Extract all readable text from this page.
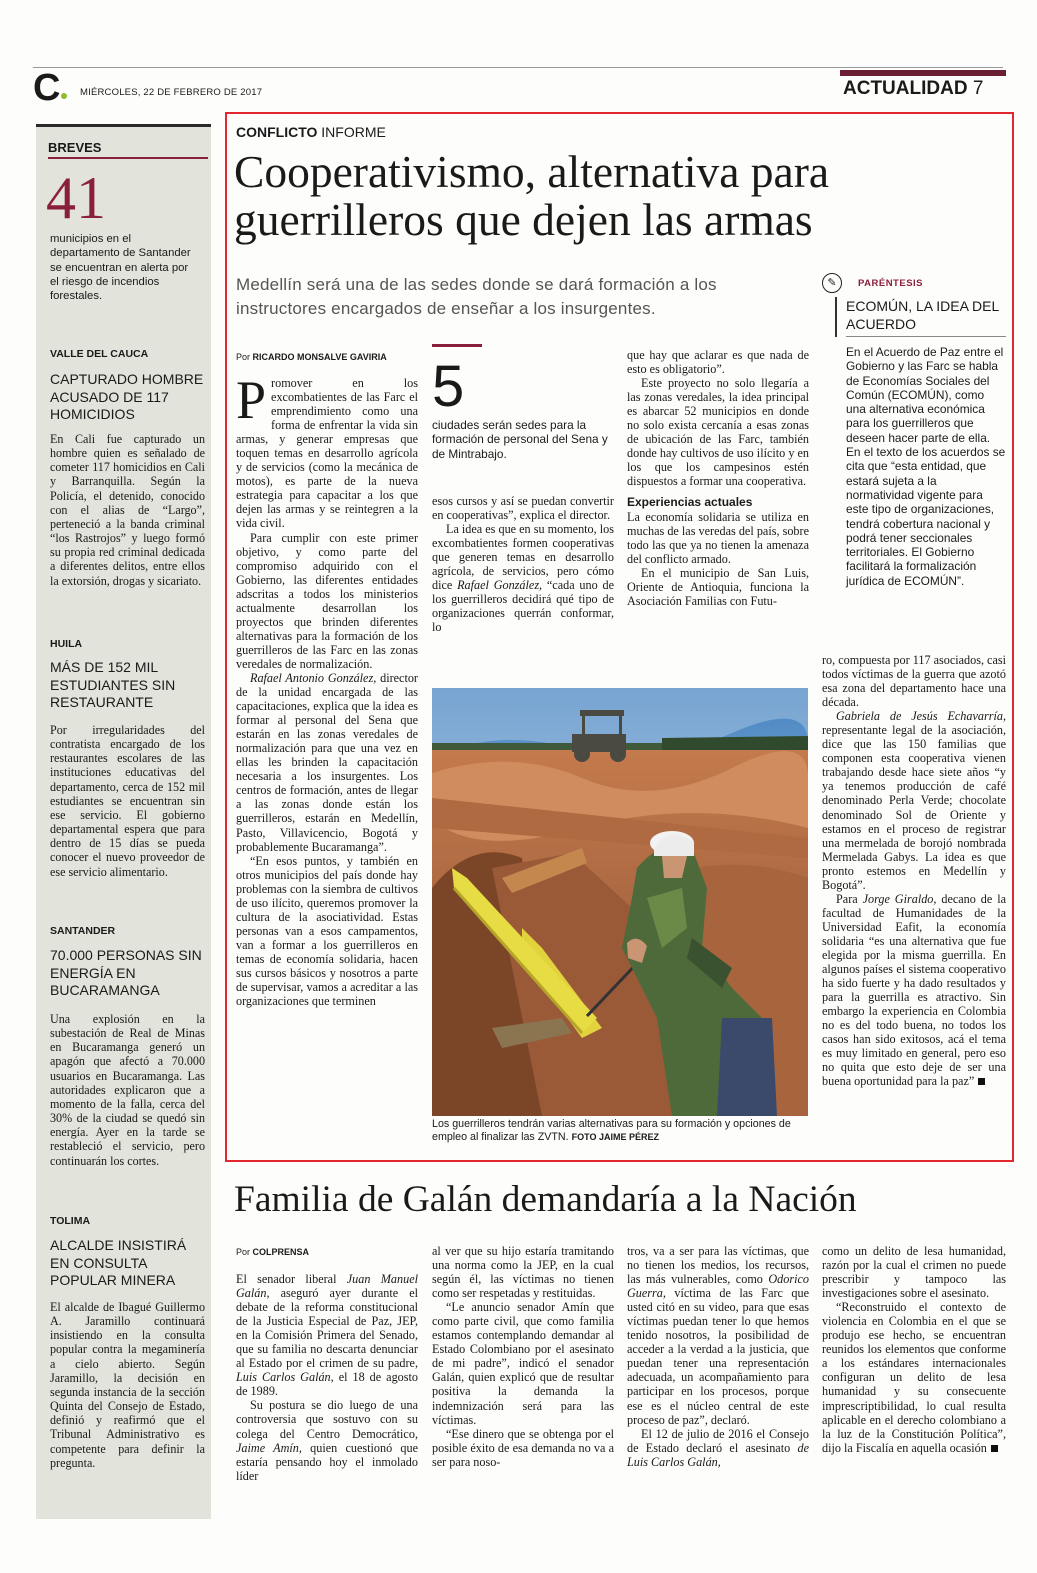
C MIÉRCOLES, 22 DE FEBRERO DE 2017	ACTUALIDAD 7
BREVES
41
municipios en el departamento de Santander se encuentran en alerta por el riesgo de incendios forestales.
VALLE DEL CAUCA
CAPTURADO HOMBRE ACUSADO DE 117 HOMICIDIOS
En Cali fue capturado un hombre quien es señalado de cometer 117 homicidios en Cali y Barranquilla. Según la Policía, el detenido, conocido con el alias de “Largo”, perteneció a la banda criminal “los Rastrojos” y luego formó su propia red criminal dedicada a diferentes delitos, entre ellos la extorsión, drogas y sicariato.
HUILA
MÁS DE 152 MIL ESTUDIANTES SIN RESTAURANTE
Por irregularidades del contratista encargado de los restaurantes escolares de las instituciones educativas del departamento, cerca de 152 mil estudiantes se encuentran sin ese servicio. El gobierno departamental espera que para dentro de 15 días se pueda conocer el nuevo proveedor de ese servicio alimentario.
SANTANDER
70.000 PERSONAS SIN ENERGÍA EN BUCARAMANGA
Una explosión en la subestación de Real de Minas en Bucaramanga generó un apagón que afectó a 70.000 usuarios en Bucaramanga. Las autoridades explicaron que a momento de la falla, cerca del 30% de la ciudad se quedó sin energía. Ayer en la tarde se restableció el servicio, pero continuarán los cortes.
TOLIMA
ALCALDE INSISTIRÁ EN CONSULTA POPULAR MINERA
El alcalde de Ibagué Guillermo A. Jaramillo continuará insistiendo en la consulta popular contra la megaminería a cielo abierto. Según Jaramillo, la decisión en segunda instancia de la sección Quinta del Consejo de Estado, definió y reafirmó que el Tribunal Administrativo es competente para definir la pregunta.
CONFLICTO INFORME
Cooperativismo, alternativa para guerrilleros que dejen las armas
Medellín será una de las sedes donde se dará formación a los instructores encargados de enseñar a los insurgentes.
Por RICARDO MONSALVE GAVIRIA

Promover en los excombatientes de las Farc el emprendimiento como una forma de enfrentar la vida sin armas, y generar empresas que toquen temas en desarrollo agrícola y de servicios (como la mecánica de motos), es parte de la nueva estrategia para capacitar a los que dejen las armas y se reintegren a la vida civil.

Para cumplir con este primer objetivo, y como parte del compromiso adquirido con el Gobierno, las diferentes entidades adscritas a todos los ministerios actualmente desarrollan los proyectos que brinden diferentes alternativas para la formación de los guerrilleros de las Farc en las zonas veredales de normalización.

Rafael Antonio González, director de la unidad encargada de las capacitaciones, explica que la idea es formar al personal del Sena que estarán en las zonas veredales de normalización para que una vez en ellas les brinden la capacitación necesaria a los insurgentes. Los centros de formación, antes de llegar a las zonas donde están los guerrilleros, estarán en Medellín, Pasto, Villavicencio, Bogotá y probablemente Bucaramanga”.

“En esos puntos, y también en otros municipios del país donde hay problemas con la siembra de cultivos de uso ilícito, queremos promover la cultura de la asociatividad. Estas personas van a esos campamentos, van a formar a los guerrilleros en temas de economía solidaria, hacen sus cursos básicos y nosotros a parte de supervisar, vamos a acreditar a las organizaciones que terminen

5
ciudades serán sedes para la formación de personal del Sena y de Mintrabajo.

esos cursos y así se puedan convertir en cooperativas”, explica el director.

La idea es que en su momento, los excombatientes formen cooperativas que generen temas en desarrollo agrícola, de servicios, pero cómo dice Rafael González, “cada uno de los guerrilleros decidirá qué tipo de organizaciones querrán conformar, lo

que hay que aclarar es que nada de esto es obligatorio”.

Este proyecto no solo llegaría a las zonas veredales, la idea principal es abarcar 52 municipios en donde no solo exista cercanía a esas zonas de ubicación de las Farc, también donde hay cultivos de uso ilícito y en los que los campesinos estén dispuestos a formar una cooperativa.

Experiencias actuales

La economía solidaria se utiliza en muchas de las veredas del país, sobre todo las que ya no tienen la amenaza del conflicto armado.

En el municipio de San Luis, Oriente de Antioquia, funciona la Asociación Familias con Futu-

✎	PARÉNTESIS
ECOMÚN, LA IDEA DEL ACUERDO
En el Acuerdo de Paz entre el Gobierno y las Farc se habla de Economías Sociales del Común (ECOMÚN), como una alternativa económica para los guerrilleros que deseen hacer parte de ella. En el texto de los acuerdos se cita que “esta entidad, que estará sujeta a la normatividad vigente para este tipo de organizaciones, tendrá cobertura nacional y podrá tener seccionales territoriales. El Gobierno facilitará la formalización jurídica de ECOMÚN”.
Los guerrilleros tendrán varias alternativas para su formación y opciones de empleo al finalizar las ZVTN. FOTO JAIME PÉREZ

ro, compuesta por 117 asociados, casi todos víctimas de la guerra que azotó esa zona del departamento hace una década.

Gabriela de Jesús Echavarría, representante legal de la asociación, dice que las 150 familias que componen esta cooperativa vienen trabajando desde hace siete años “y ya tenemos producción de café denominado Perla Verde; chocolate denominado Sol de Oriente y estamos en el proceso de registrar una mermelada de borojó nombrada Mermelada Gabys. La idea es que pronto estemos en Medellín y Bogotá”.

Para Jorge Giraldo, decano de la facultad de Humanidades de la Universidad Eafit, la economía solidaria “es una alternativa que fue elegida por la misma guerrilla. En algunos países el sistema cooperativo ha sido fuerte y ha dado resultados y para la guerrilla es atractivo. Sin embargo la experiencia en Colombia no es del todo buena, no todos los casos han sido exitosos, acá el tema es muy limitado en general, pero eso no quita que esto deje de ser una buena oportunidad para la paz”

Familia de Galán demandaría a la Nación
Por COLPRENSA

El senador liberal Juan Manuel Galán, aseguró ayer durante el debate de la reforma constitucional de la Justicia Especial de Paz, JEP, en la Comisión Primera del Senado, que su familia no descarta denunciar al Estado por el crimen de su padre, Luis Carlos Galán, el 18 de agosto de 1989.

Su postura se dio luego de una controversia que sostuvo con su colega del Centro Democrático, Jaime Amín, quien cuestionó que estaría pensando hoy el inmolado líder

al ver que su hijo estaría tramitando una norma como la JEP, en la cual según él, las víctimas no tienen como ser respetadas y restituidas.

“Le anuncio senador Amín que como parte civil, que como familia estamos contemplando demandar al Estado Colombiano por el asesinato de mi padre”, indicó el senador Galán, quien explicó que de resultar positiva la demanda la indemnización será para las víctimas.

“Ese dinero que se obtenga por el posible éxito de esa demanda no va a ser para noso-

tros, va a ser para las víctimas, que no tienen los medios, los recursos, las más vulnerables, como Odorico Guerra, víctima de las Farc que usted citó en su video, para que esas víctimas puedan tener lo que hemos tenido nosotros, la posibilidad de acceder a la verdad a la justicia, que puedan tener una representación adecuada, un acompañamiento para participar en los procesos, porque ese es el núcleo central de este proceso de paz”, declaró.

El 12 de julio de 2016 el Consejo de Estado declaró el asesinato de Luis Carlos Galán,

como un delito de lesa humanidad, razón por la cual el crimen no puede prescribir y tampoco las investigaciones sobre el asesinato.

“Reconstruido el contexto de violencia en Colombia en el que se produjo ese hecho, se encuentran reunidos los elementos que conforme a los estándares internacionales configuran un delito de lesa humanidad y su consecuente imprescriptibilidad, lo cual resulta aplicable en el derecho colombiano a la luz de la Constitución Política”, dijo la Fiscalía en aquella ocasión
